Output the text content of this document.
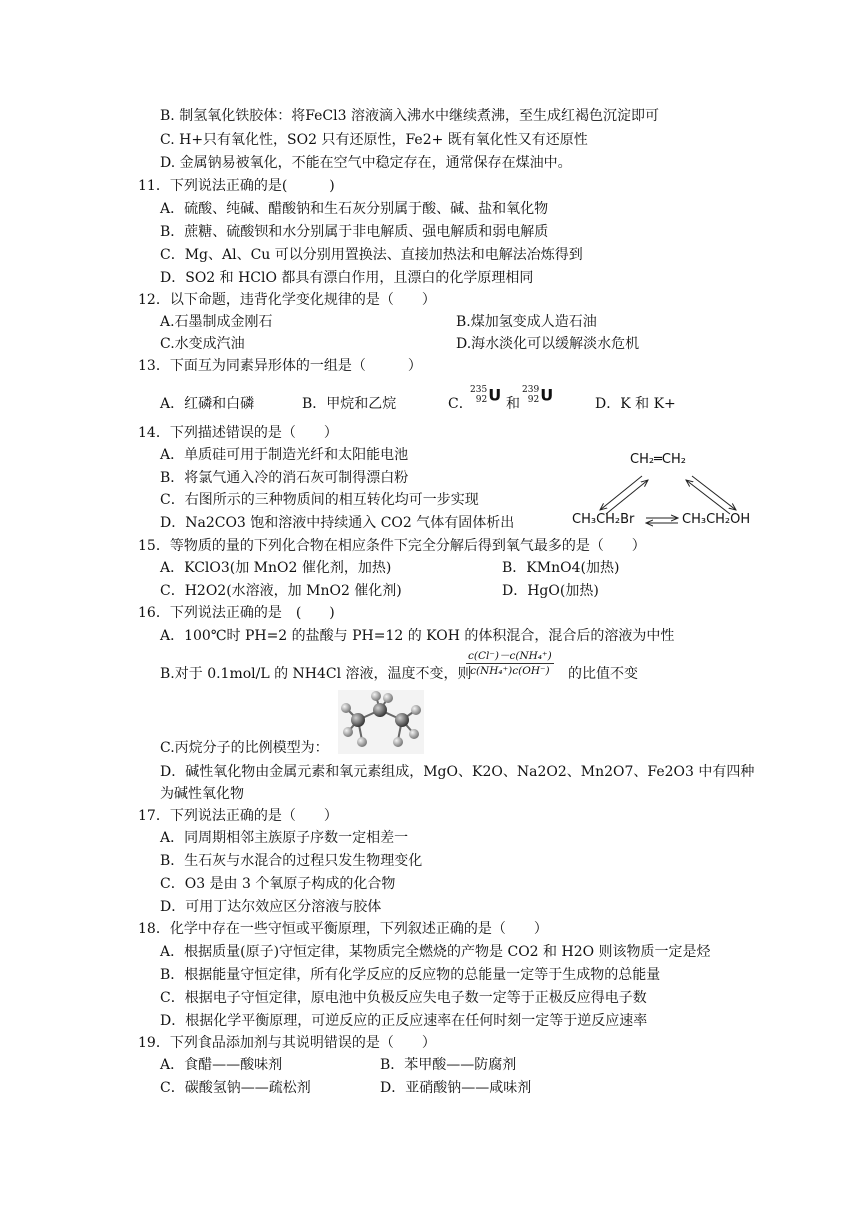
B. 制氢氧化铁胶体：将FeCl3 溶液滴入沸水中继续煮沸，至生成红褐色沉淀即可
C. H+只有氧化性，SO2 只有还原性，Fe2+ 既有氧化性又有还原性
D. 金属钠易被氧化，不能在空气中稳定存在，通常保存在煤油中。
11．下列说法正确的是(　　　)
A．硫酸、纯碱、醋酸钠和生石灰分别属于酸、碱、盐和氧化物
B．蔗糖、硫酸钡和水分别属于非电解质、强电解质和弱电解质
C．Mg、Al、Cu 可以分别用置换法、直接加热法和电解法冶炼得到
D．SO2 和 HClO 都具有漂白作用，且漂白的化学原理相同
12．以下命题，违背化学变化规律的是（　　）
A.石墨制成金刚石	B.煤加氢变成人造石油
C.水变成汽油	D.海水淡化可以缓解淡水危机
13．下面互为同素异形体的一组是（　　　）
A．红磷和白磷	B．甲烷和乙烷	C．
235
92U 和
239
92U	D．K 和 K+
14．下列描述错误的是（　　）
A．单质硅可用于制造光纤和太阳能电池
B．将氯气通入冷的消石灰可制得漂白粉
C．右图所示的三种物质间的相互转化均可一步实现
D．Na2CO3 饱和溶液中持续通入 CO2 气体有固体析出
CH₂═CH₂
CH₃CH₂Br	CH₃CH₂OH
15．等物质的量的下列化合物在相应条件下完全分解后得到氧气最多的是（　　）
A．KClO3(加 MnO2 催化剂，加热)	B．KMnO4(加热)
C．H2O2(水溶液，加 MnO2 催化剂)	D．HgO(加热)
16．下列说法正确的是　(　　)
A．100℃时 PH=2 的盐酸与 PH=12 的 KOH 的体积混合，混合后的溶液为中性
B.对于 0.1mol/L 的 NH4Cl 溶液，温度不变，则
$\frac{\text{c(Cl⁻)－c(NH₄⁺)}}{\text{c(NH₄⁺)c(OH⁻)}}$ 的比值不变
C.丙烷分子的比例模型为：
D．碱性氧化物由金属元素和氧元素组成，MgO、K2O、Na2O2、Mn2O7、Fe2O3 中有四种
为碱性氧化物
17．下列说法正确的是（　　）
A．同周期相邻主族原子序数一定相差一
B．生石灰与水混合的过程只发生物理变化
C．O3 是由 3 个氧原子构成的化合物
D．可用丁达尔效应区分溶液与胶体
18．化学中存在一些守恒或平衡原理，下列叙述正确的是（　　）
A．根据质量(原子)守恒定律，某物质完全燃烧的产物是 CO2 和 H2O 则该物质一定是烃
B．根据能量守恒定律，所有化学反应的反应物的总能量一定等于生成物的总能量
C．根据电子守恒定律，原电池中负极反应失电子数一定等于正极反应得电子数
D．根据化学平衡原理，可逆反应的正反应速率在任何时刻一定等于逆反应速率
19．下列食品添加剂与其说明错误的是（　　）
A．食醋——酸味剂	B．苯甲酸——防腐剂
C．碳酸氢钠——疏松剂	D．亚硝酸钠——咸味剂
